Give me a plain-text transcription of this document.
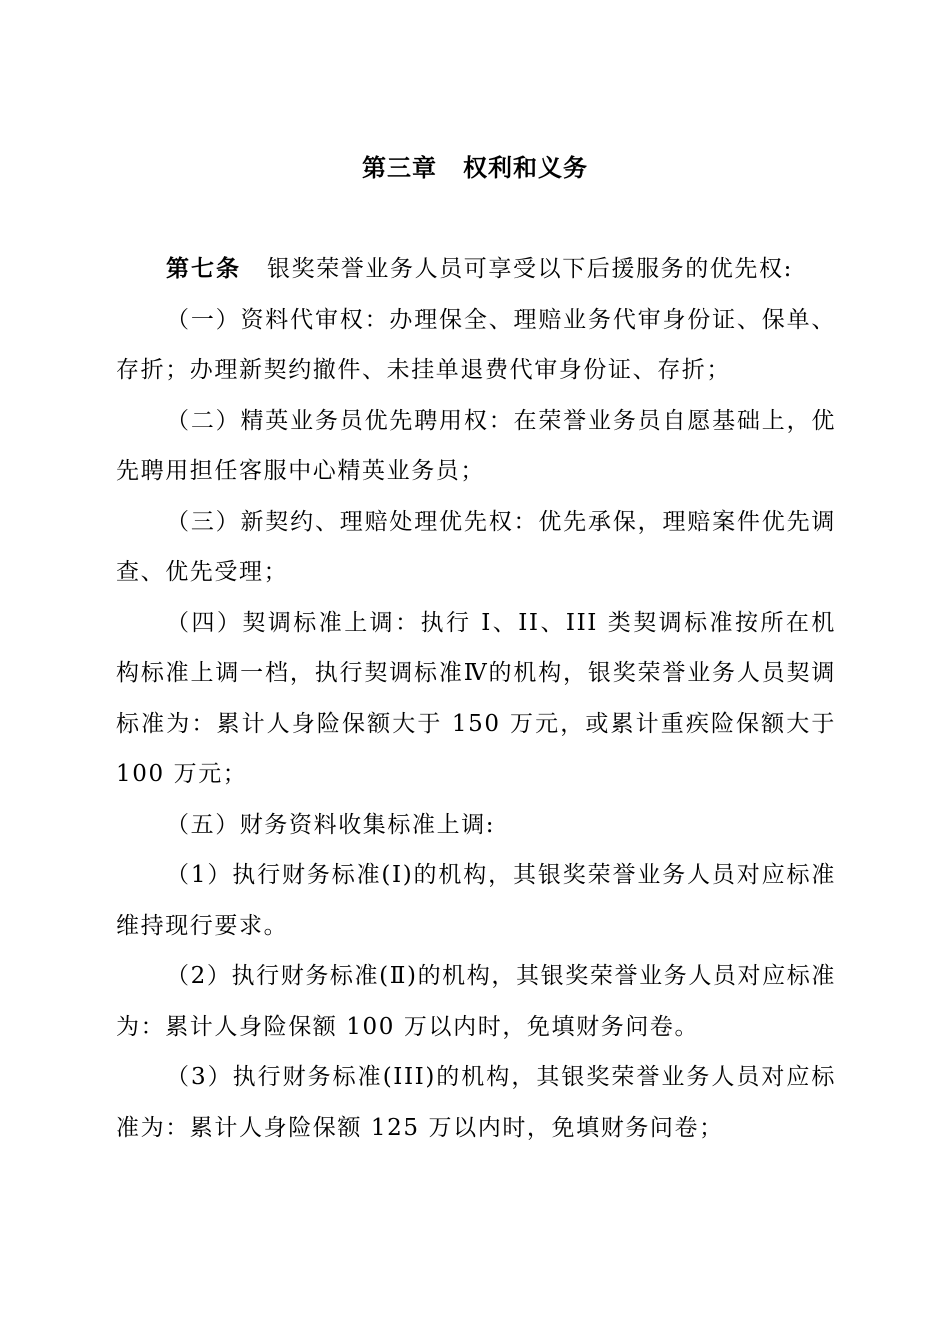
第三章 权利和义务

第七条 银奖荣誉业务人员可享受以下后援服务的优先权:

（一）资料代审权：办理保全、理赔业务代审身份证、保单、存折；办理新契约撤件、未挂单退费代审身份证、存折；

（二）精英业务员优先聘用权：在荣誉业务员自愿基础上，优先聘用担任客服中心精英业务员；

（三）新契约、理赔处理优先权：优先承保，理赔案件优先调查、优先受理；

（四）契调标准上调：执行 I、II、III 类契调标准按所在机构标准上调一档，执行契调标准Ⅳ的机构，银奖荣誉业务人员契调标准为：累计人身险保额大于 150 万元，或累计重疾险保额大于 100 万元；

（五）财务资料收集标准上调:

（1）执行财务标准(I)的机构，其银奖荣誉业务人员对应标准维持现行要求。

（2）执行财务标准(Ⅱ)的机构，其银奖荣誉业务人员对应标准为：累计人身险保额 100 万以内时，免填财务问卷。

（3）执行财务标准(III)的机构，其银奖荣誉业务人员对应标准为：累计人身险保额 125 万以内时，免填财务问卷；
